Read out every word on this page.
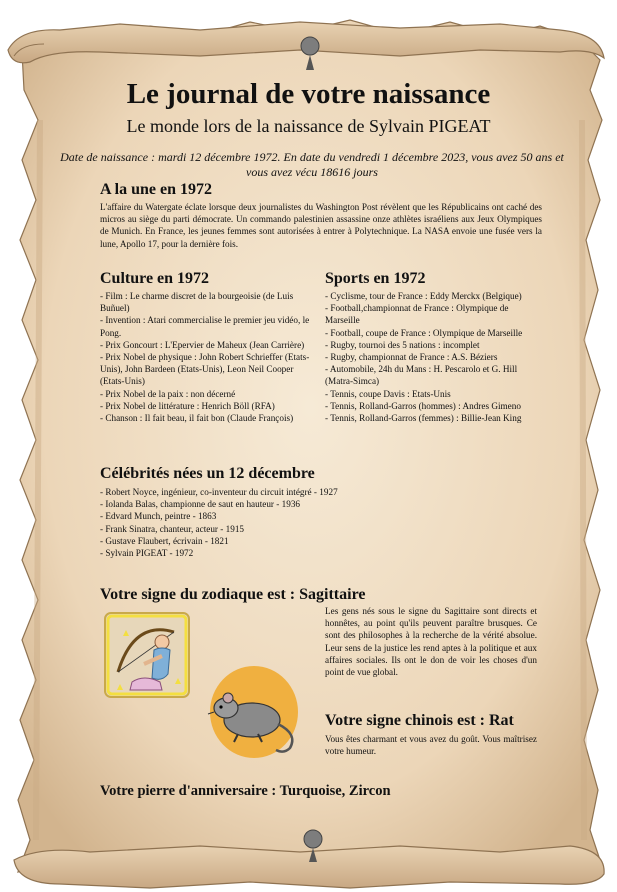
Le journal de votre naissance
Le monde lors de la naissance de Sylvain PIGEAT
Date de naissance : mardi 12 décembre 1972. En date du vendredi 1 décembre 2023, vous avez 50 ans et vous avez vécu 18616 jours
A la une en 1972
L'affaire du Watergate éclate lorsque deux journalistes du Washington Post révèlent que les Républicains ont caché des micros au siège du parti démocrate. Un commando palestinien assassine onze athlètes israéliens aux Jeux Olympiques de Munich. En France, les jeunes femmes sont autorisées à entrer à Polytechnique. La NASA envoie une fusée vers la lune, Apollo 17, pour la dernière fois.
Culture en 1972
- Film : Le charme discret de la bourgeoisie (de Luis Buñuel)
- Invention : Atari commercialise le premier jeu vidéo, le Pong.
- Prix Goncourt : L'Epervier de Maheux (Jean Carrière)
- Prix Nobel de physique : John Robert Schrieffer (Etats-Unis), John Bardeen (Etats-Unis), Leon Neil Cooper (Etats-Unis)
- Prix Nobel de la paix : non décerné
- Prix Nobel de littérature : Henrich Böll (RFA)
- Chanson : Il fait beau, il fait bon (Claude François)
Sports en 1972
- Cyclisme, tour de France : Eddy Merckx (Belgique)
- Football,championnat de France : Olympique de Marseille
- Football, coupe de France : Olympique de Marseille
- Rugby, tournoi des 5 nations : incomplet
- Rugby, championnat de France : A.S. Béziers
- Automobile, 24h du Mans : H. Pescarolo et G. Hill (Matra-Simca)
- Tennis, coupe Davis : Etats-Unis
- Tennis, Rolland-Garros (hommes) : Andres Gimeno
- Tennis, Rolland-Garros (femmes) : Billie-Jean King
Célébrités nées un 12 décembre
- Robert Noyce, ingénieur, co-inventeur du circuit intégré - 1927
- Iolanda Balas, championne de saut en hauteur - 1936
- Edvard Munch, peintre - 1863
- Frank Sinatra, chanteur, acteur - 1915
- Gustave Flaubert, écrivain - 1821
- Sylvain PIGEAT - 1972
Votre signe du zodiaque est : Sagittaire
Les gens nés sous le signe du Sagittaire sont directs et honnêtes, au point qu'ils peuvent paraître brusques. Ce sont des philosophes à la recherche de la vérité absolue. Leur sens de la justice les rend aptes à la politique et aux affaires sociales. Ils ont le don de voir les choses d'un point de vue global.
Votre signe chinois est : Rat
Vous êtes charmant et vous avez du goût. Vous maîtrisez votre humeur.
Votre pierre d'anniversaire : Turquoise, Zircon
